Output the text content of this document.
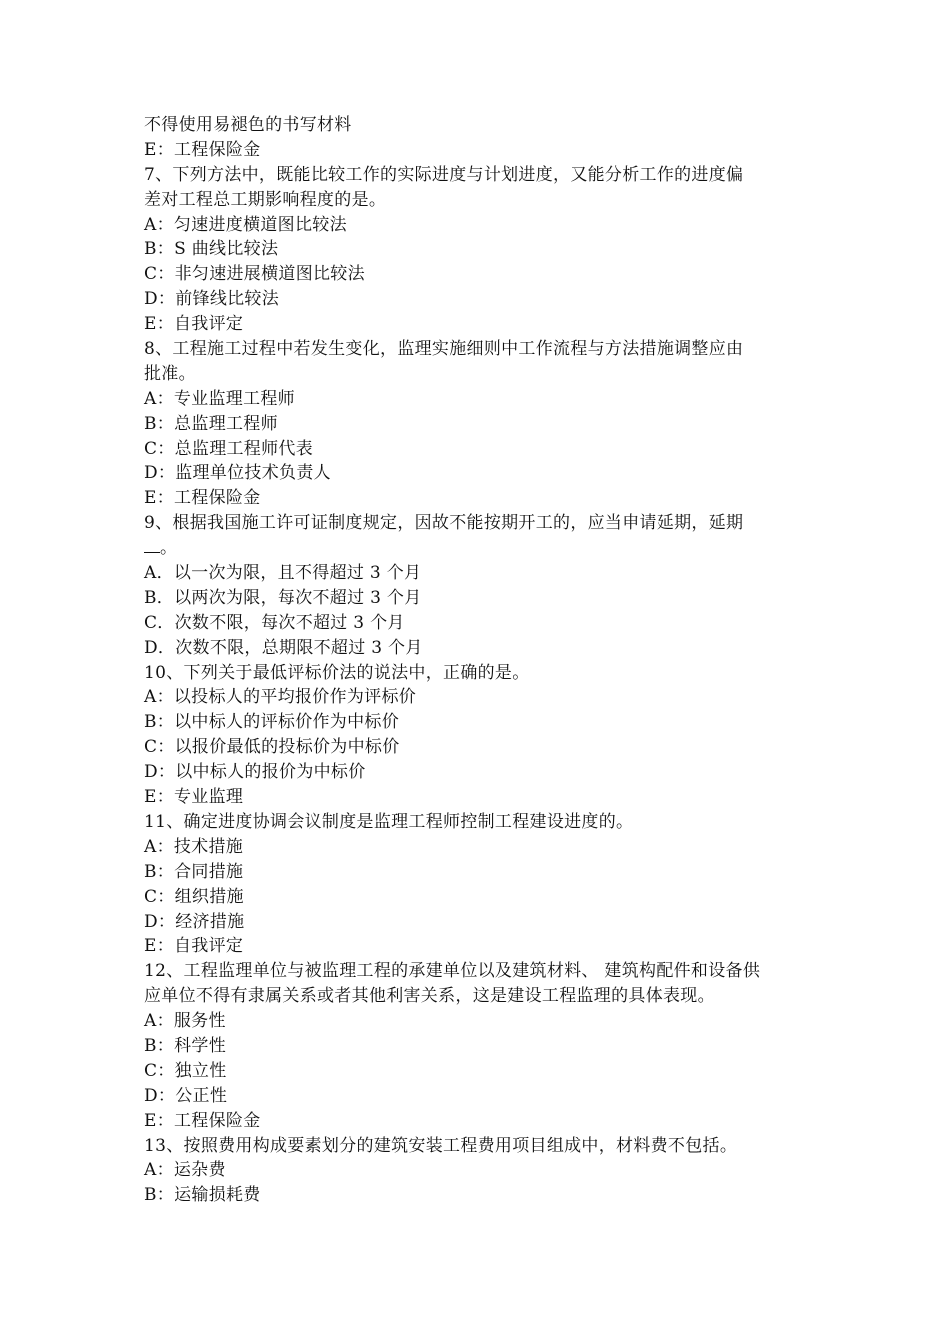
不得使用易褪色的书写材料
E：工程保险金
7、下列方法中，既能比较工作的实际进度与计划进度，又能分析工作的进度偏
差对工程总工期影响程度的是。
A：匀速进度横道图比较法
B：S 曲线比较法
C：非匀速进展横道图比较法
D：前锋线比较法
E：自我评定
8、工程施工过程中若发生变化，监理实施细则中工作流程与方法措施调整应由
批准。
A：专业监理工程师
B：总监理工程师
C：总监理工程师代表
D：监理单位技术负责人
E：工程保险金
9、根据我国施工许可证制度规定，因故不能按期开工的，应当申请延期，延期
。
A．以一次为限，且不得超过 3 个月
B．以两次为限，每次不超过 3 个月
C．次数不限，每次不超过 3 个月
D．次数不限，总期限不超过 3 个月
10、下列关于最低评标价法的说法中，正确的是。
A：以投标人的平均报价作为评标价
B：以中标人的评标价作为中标价
C：以报价最低的投标价为中标价
D：以中标人的报价为中标价
E：专业监理
11、确定进度协调会议制度是监理工程师控制工程建设进度的。
A：技术措施
B：合同措施
C：组织措施
D：经济措施
E：自我评定
12、工程监理单位与被监理工程的承建单位以及建筑材料、 建筑构配件和设备供
应单位不得有隶属关系或者其他利害关系，这是建设工程监理的具体表现。
A：服务性
B：科学性
C：独立性
D：公正性
E：工程保险金
13、按照费用构成要素划分的建筑安装工程费用项目组成中，材料费不包括。
A：运杂费
B：运输损耗费
